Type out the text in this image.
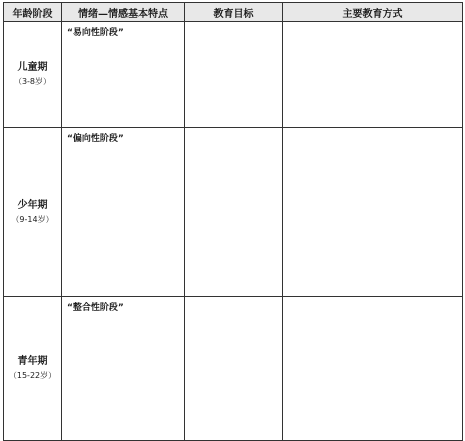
年龄阶段	情绪—情感基本特点	教育目标	主要教育方式

儿童期
（3-8岁）	“易向性阶段”		

少年期
（9-14岁）	“偏向性阶段”		

青年期
（15-22岁）	“整合性阶段”		
